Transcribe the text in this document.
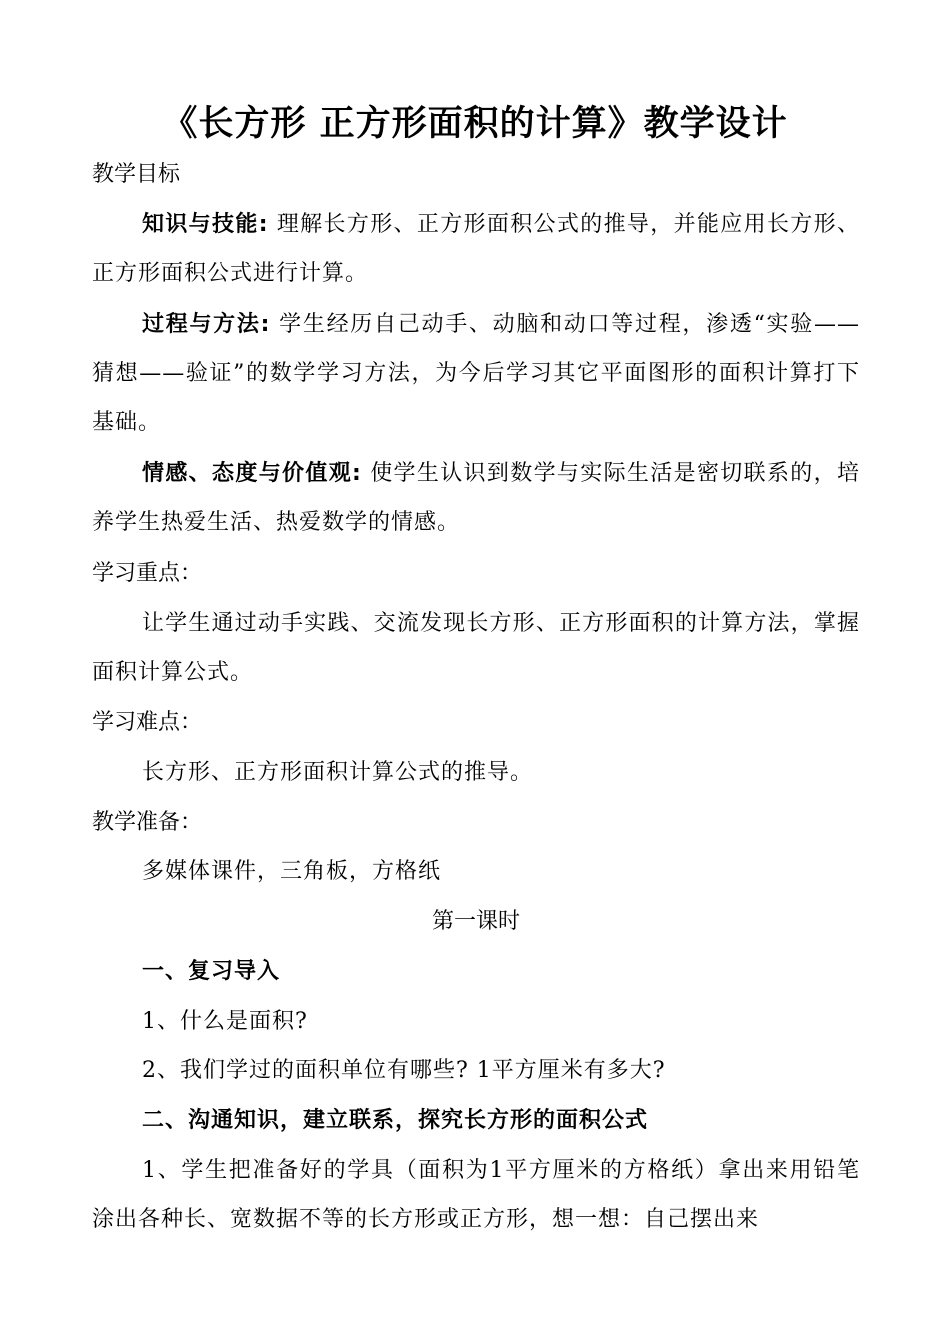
《长方形 正方形面积的计算》教学设计
教学目标
知识与技能: 理解长方形、正方形面积公式的推导，并能应用长方形、正方形面积公式进行计算。
过程与方法: 学生经历自己动手、动脑和动口等过程，渗透“实验——猜想——验证”的数学学习方法，为今后学习其它平面图形的面积计算打下基础。
情感、态度与价值观: 使学生认识到数学与实际生活是密切联系的，培养学生热爱生活、热爱数学的情感。
学习重点：
让学生通过动手实践、交流发现长方形、正方形面积的计算方法，掌握面积计算公式。
学习难点：
长方形、正方形面积计算公式的推导。
教学准备：
多媒体课件，三角板，方格纸
第一课时
一、复习导入
1、什么是面积?
2、我们学过的面积单位有哪些? 1平方厘米有多大?
二、沟通知识，建立联系，探究长方形的面积公式
1、学生把准备好的学具（面积为1平方厘米的方格纸）拿出来用铅笔涂出各种长、宽数据不等的长方形或正方形，想一想：自己摆出来
